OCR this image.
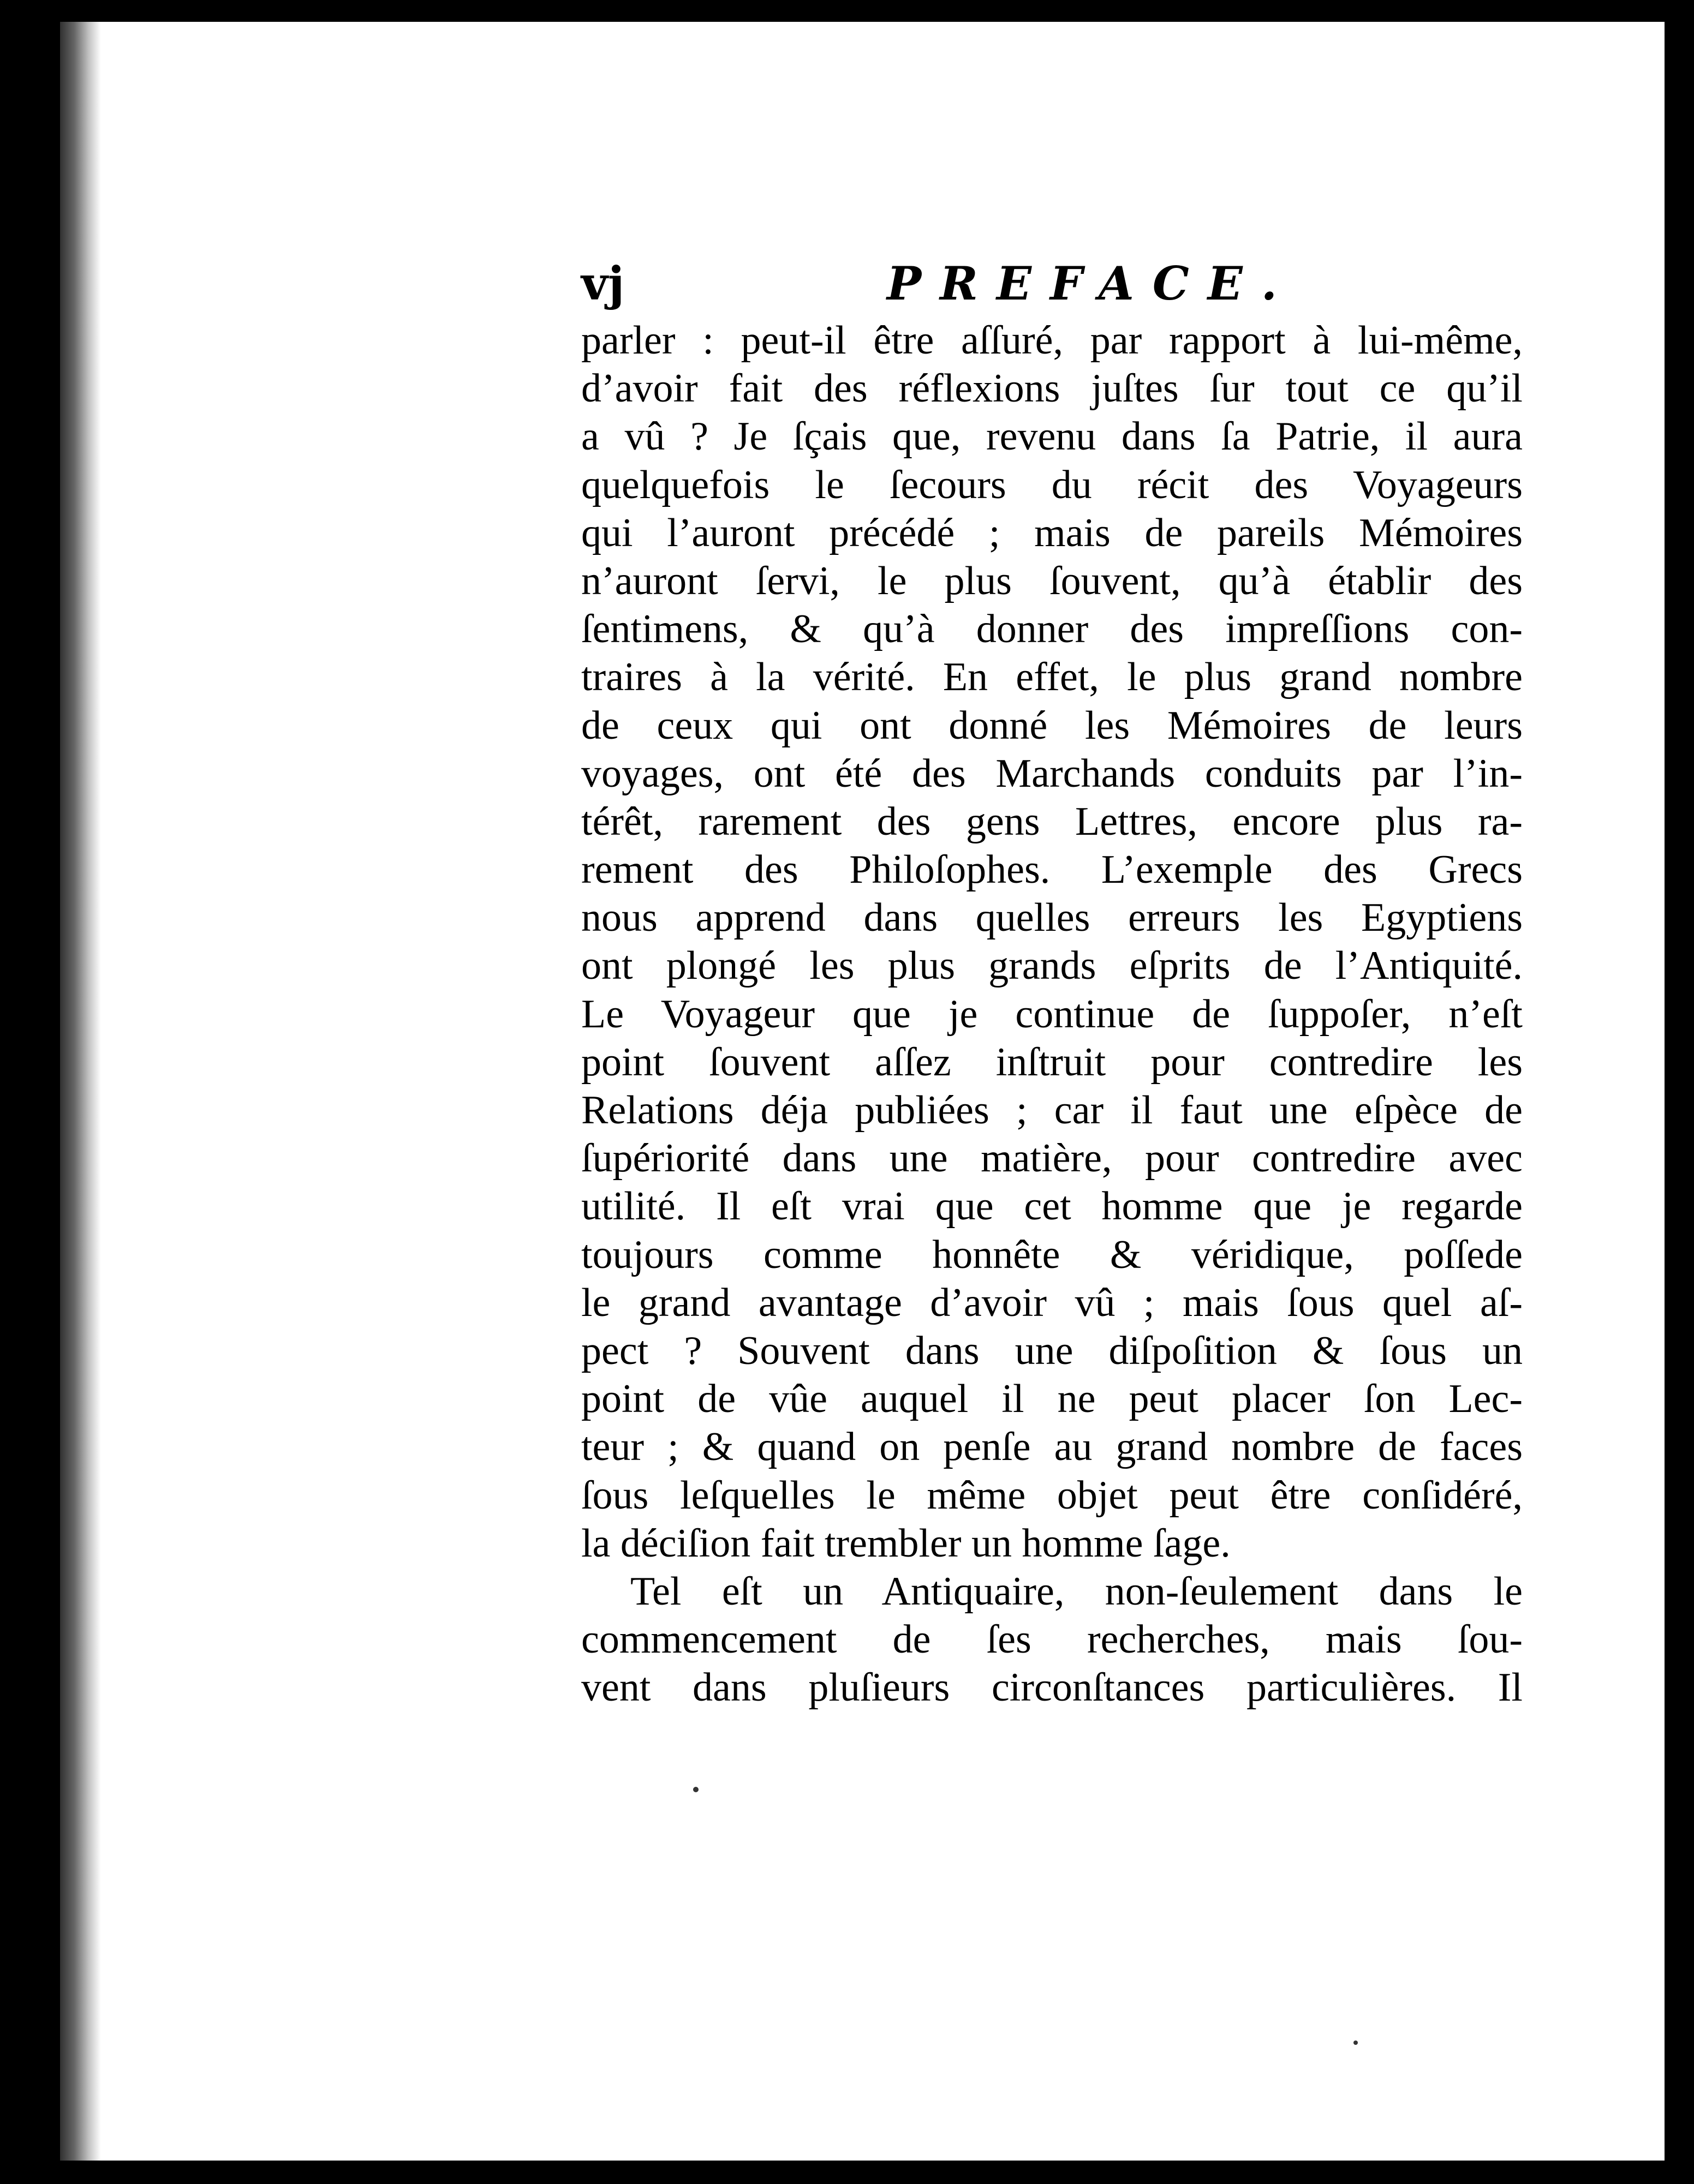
vj	PREFACE.
parler : peut-il être aſſuré, par rapport à lui-même,
d’avoir fait des réflexions juſtes ſur tout ce qu’il
a vû ? Je ſçais que, revenu dans ſa Patrie, il aura
quelquefois le ſecours du récit des Voyageurs
qui l’auront précédé ; mais de pareils Mémoires
n’auront ſervi, le plus ſouvent, qu’à établir des
ſentimens, & qu’à donner des impreſſions con-
traires à la vérité. En effet, le plus grand nombre
de ceux qui ont donné les Mémoires de leurs
voyages, ont été des Marchands conduits par l’in-
térêt, rarement des gens Lettres, encore plus ra-
rement des Philoſophes. L’exemple des Grecs
nous apprend dans quelles erreurs les Egyptiens
ont plongé les plus grands eſprits de l’Antiquité.
Le Voyageur que je continue de ſuppoſer, n’eſt
point ſouvent aſſez inſtruit pour contredire les
Relations déja publiées ; car il faut une eſpèce de
ſupériorité dans une matière, pour contredire avec
utilité. Il eſt vrai que cet homme que je regarde
toujours comme honnête & véridique, poſſede
le grand avantage d’avoir vû ; mais ſous quel aſ-
pect ? Souvent dans une diſpoſition & ſous un
point de vûe auquel il ne peut placer ſon Lec-
teur ; & quand on penſe au grand nombre de faces
ſous leſquelles le même objet peut être conſidéré,
la déciſion fait trembler un homme ſage.
Tel eſt un Antiquaire, non-ſeulement dans le
commencement de ſes recherches, mais ſou-
vent dans pluſieurs circonſtances particulières. Il
